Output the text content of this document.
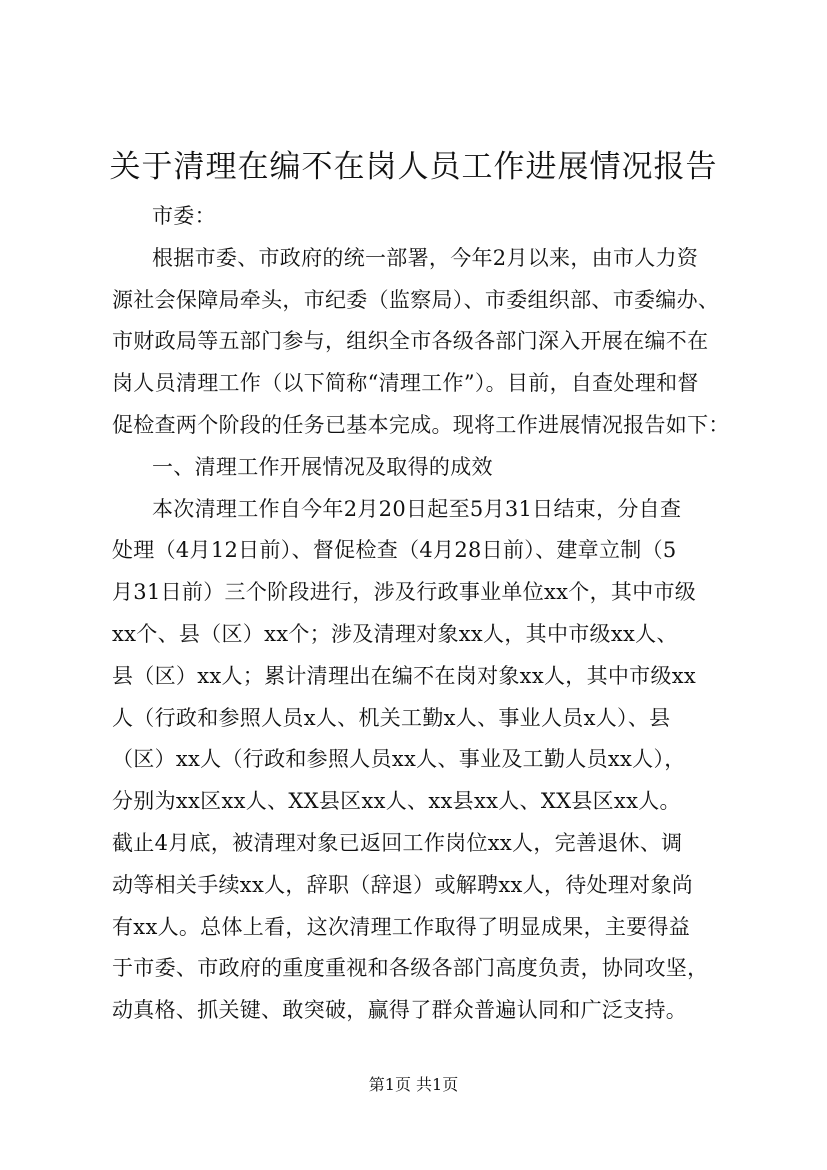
关于清理在编不在岗人员工作进展情况报告
市委：
根据市委、市政府的统一部署，今年2月以来，由市人力资
源社会保障局牵头，市纪委（监察局）、市委组织部、市委编办、
市财政局等五部门参与，组织全市各级各部门深入开展在编不在
岗人员清理工作（以下简称“清理工作”）。目前，自查处理和督
促检查两个阶段的任务已基本完成。现将工作进展情况报告如下：
一、清理工作开展情况及取得的成效
本次清理工作自今年2月20日起至5月31日结束，分自查
处理（4月12日前）、督促检查（4月28日前）、建章立制（5
月31日前）三个阶段进行，涉及行政事业单位xx个，其中市级
xx个、县（区）xx个；涉及清理对象xx人，其中市级xx人、
县（区）xx人；累计清理出在编不在岗对象xx人，其中市级xx
人（行政和参照人员x人、机关工勤x人、事业人员x人）、县
（区）xx人（行政和参照人员xx人、事业及工勤人员xx人），
分别为xx区xx人、XX县区xx人、xx县xx人、XX县区xx人。
截止4月底，被清理对象已返回工作岗位xx人，完善退休、调
动等相关手续xx人，辞职（辞退）或解聘xx人，待处理对象尚
有xx人。总体上看，这次清理工作取得了明显成果，主要得益
于市委、市政府的重度重视和各级各部门高度负责，协同攻坚，
动真格、抓关键、敢突破，赢得了群众普遍认同和广泛支持。
第1页 共1页
